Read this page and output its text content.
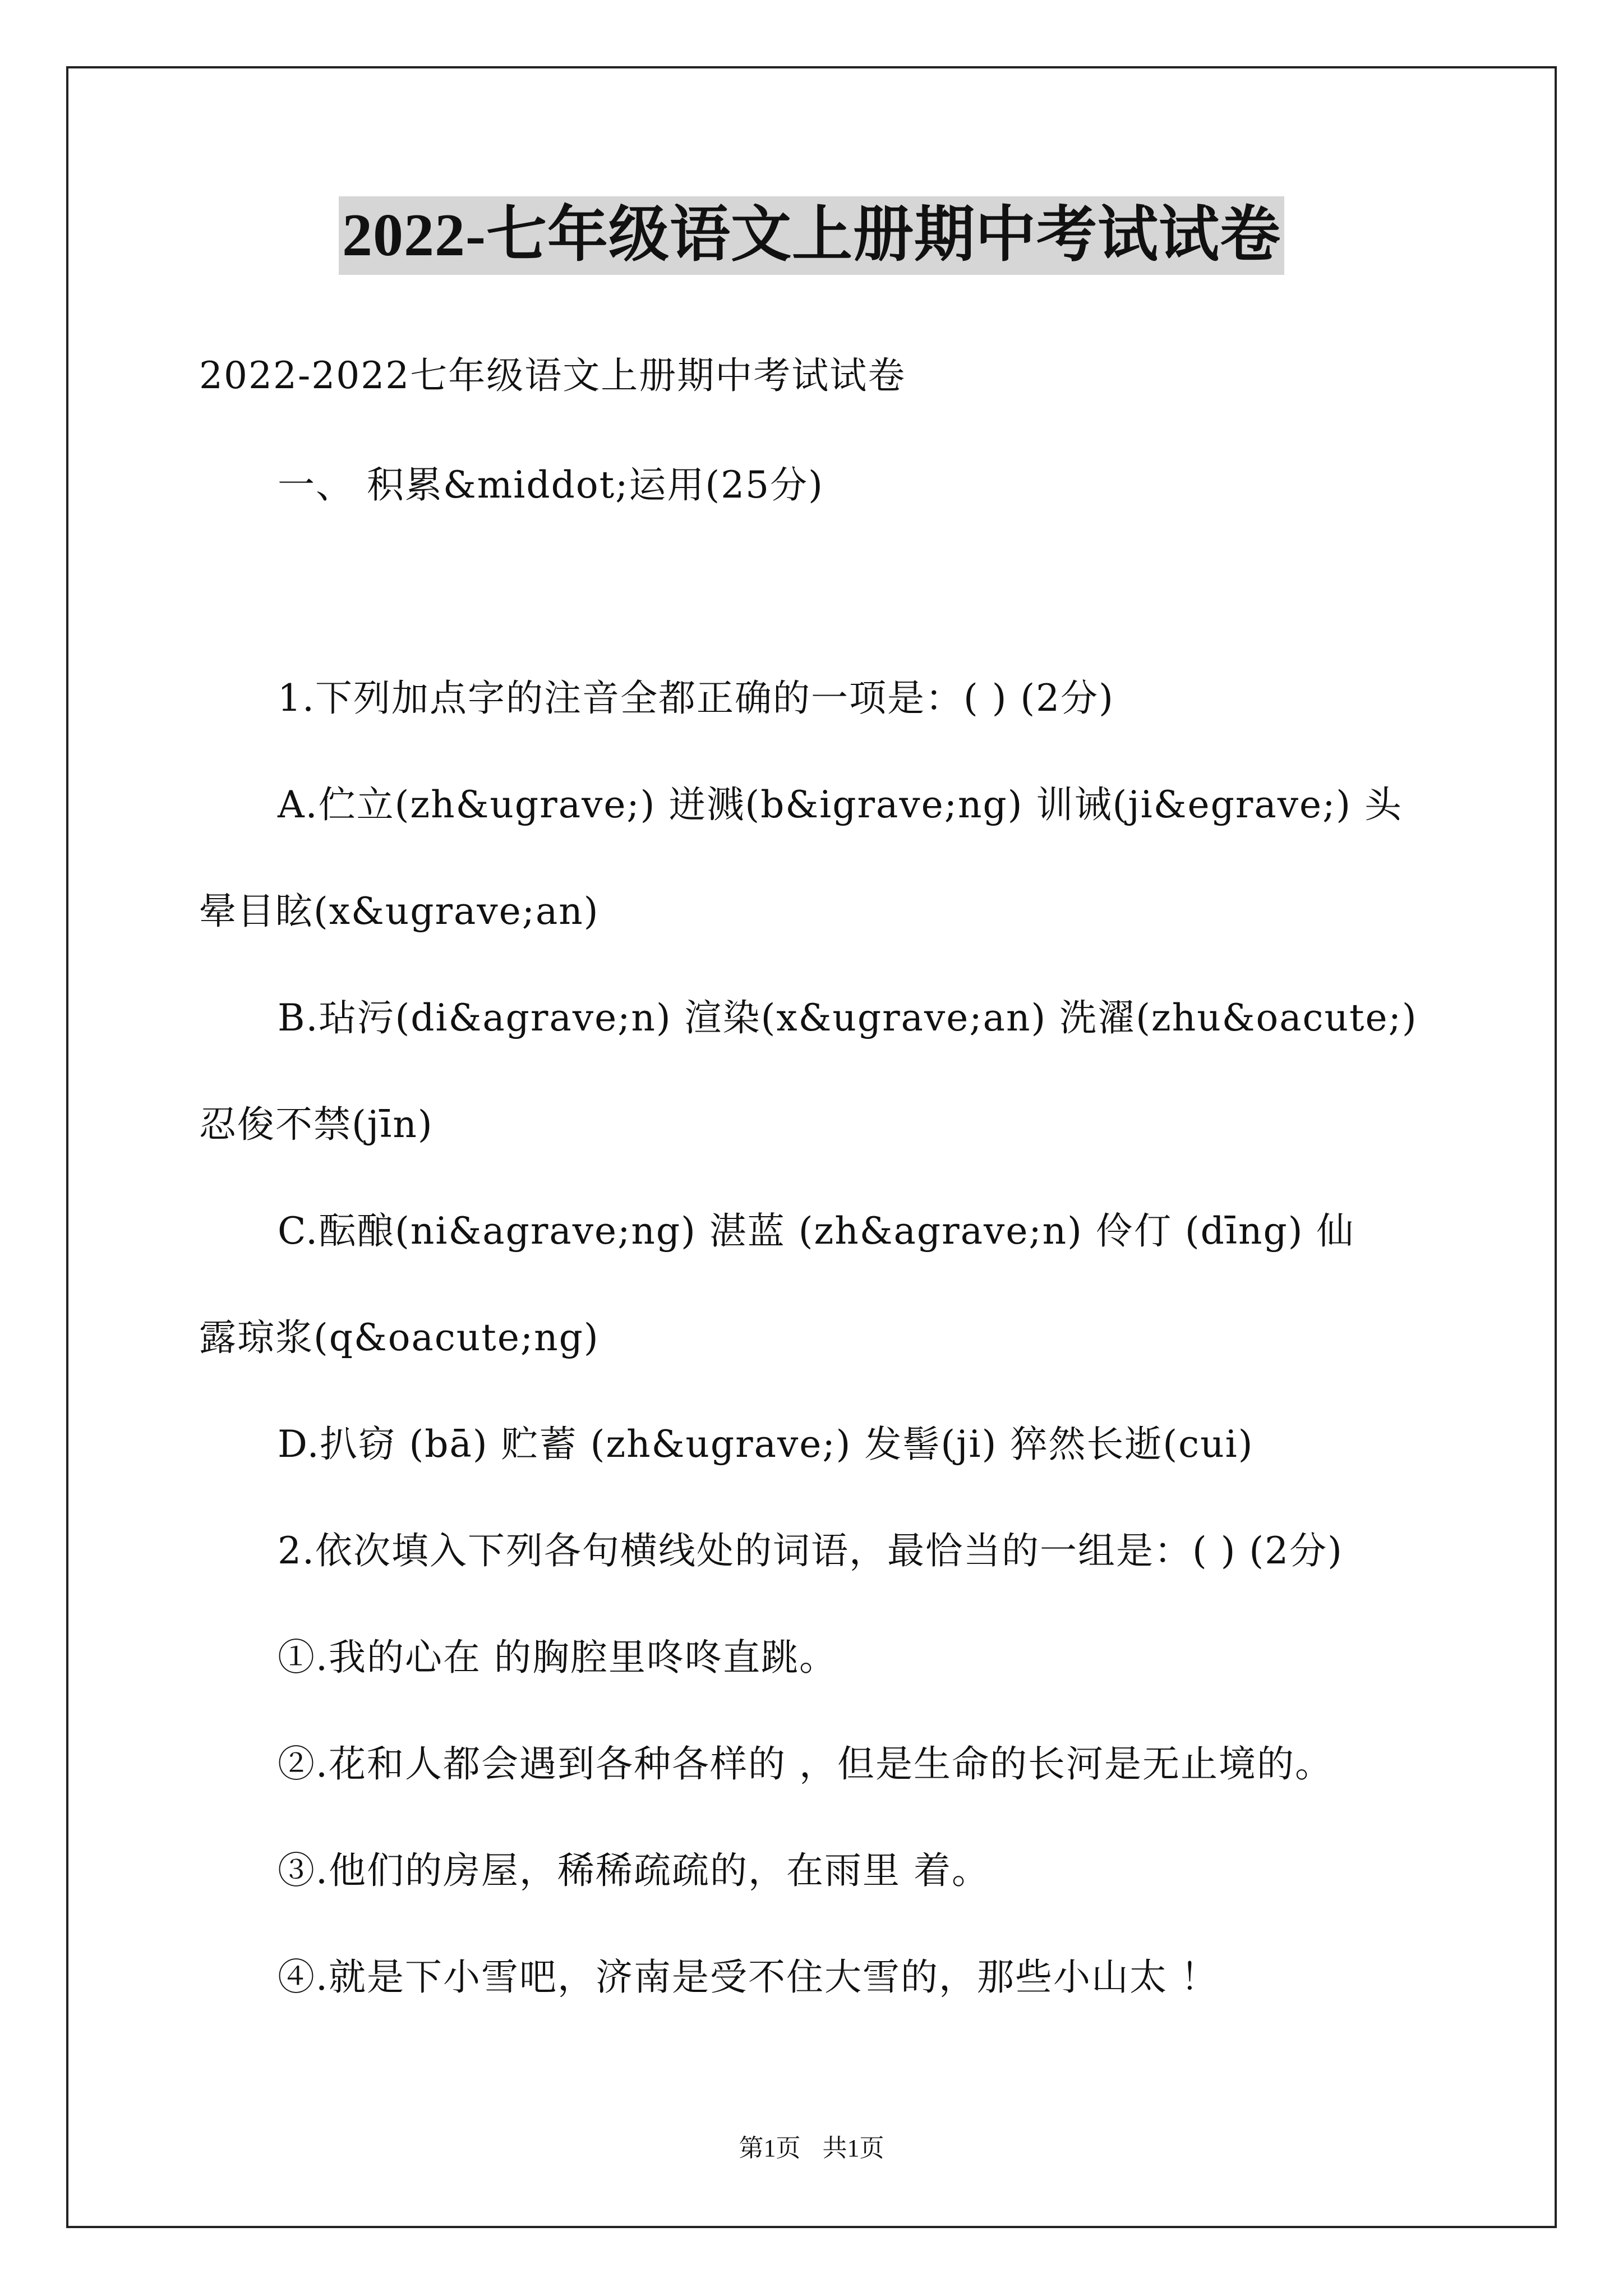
2022-七年级语文上册期中考试试卷
2022-2022七年级语文上册期中考试试卷
一、 积累&middot;运用(25分)
1.下列加点字的注音全都正确的一项是：( ) (2分)
A.伫立(zh&ugrave;) 迸溅(b&igrave;ng) 训诫(ji&egrave;) 头
晕目眩(x&ugrave;an)
B.玷污(di&agrave;n) 渲染(x&ugrave;an) 洗濯(zhu&oacute;)
忍俊不禁(jīn)
C.酝酿(ni&agrave;ng) 湛蓝 (zh&agrave;n) 伶仃 (dīng) 仙
露琼浆(q&oacute;ng)
D.扒窃 (bā) 贮蓄 (zh&ugrave;) 发髻(ji) 猝然长逝(cui)
2.依次填入下列各句横线处的词语，最恰当的一组是：( ) (2分)
①.我的心在 的胸腔里咚咚直跳。
②.花和人都会遇到各种各样的 ，但是生命的长河是无止境的。
③.他们的房屋，稀稀疏疏的，在雨里 着。
④.就是下小雪吧，济南是受不住大雪的，那些小山太 ！
第1页 共1页
